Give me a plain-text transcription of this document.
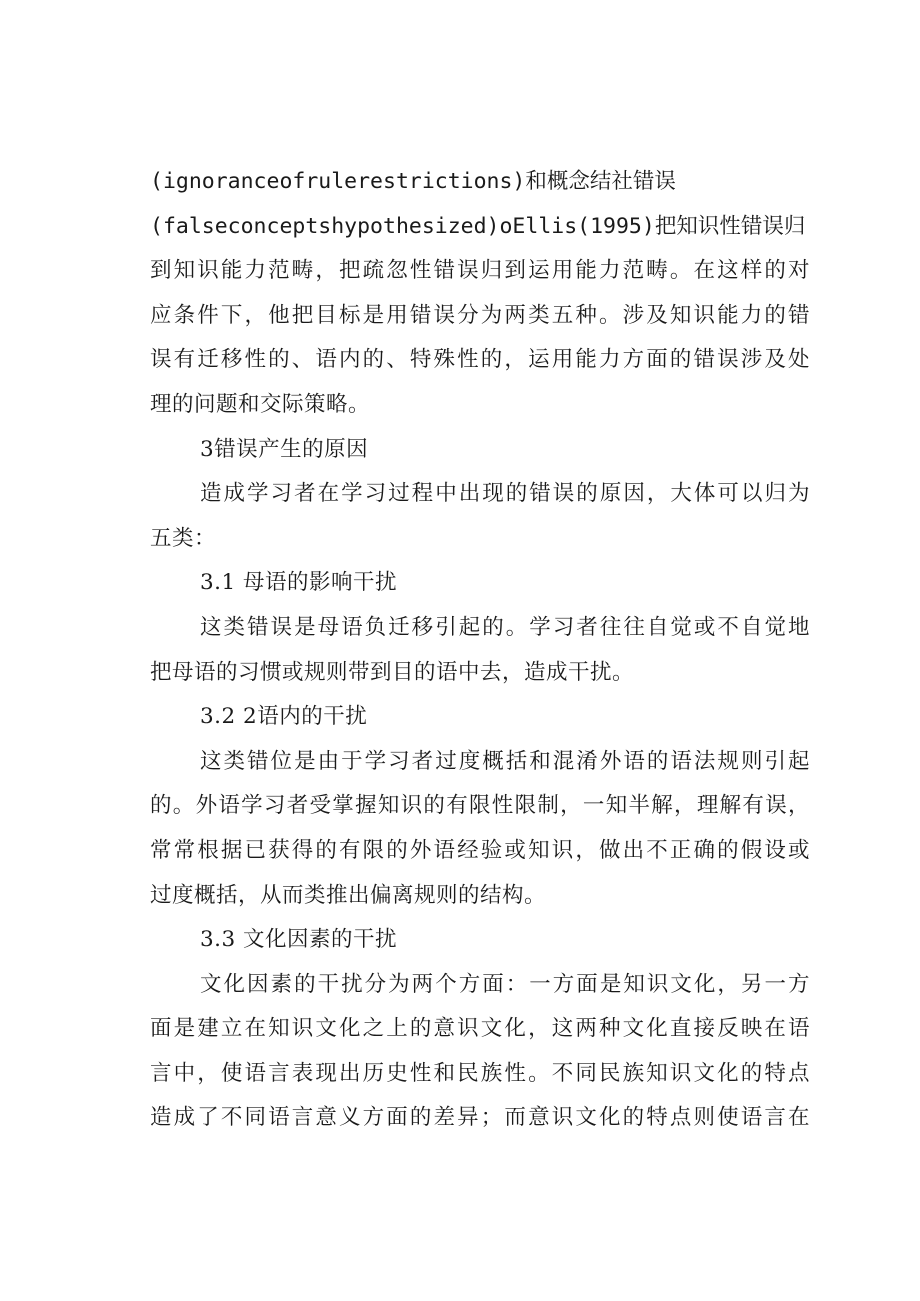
(ignoranceofrulerestrictions)和概念结社错误
(falseconceptshypothesized)oEllis(1995)把知识性错误归
到知识能力范畴，把疏忽性错误归到运用能力范畴。在这样的对
应条件下，他把目标是用错误分为两类五种。涉及知识能力的错
误有迁移性的、语内的、特殊性的，运用能力方面的错误涉及处
理的问题和交际策略。
3错误产生的原因
造成学习者在学习过程中出现的错误的原因，大体可以归为
五类：
3.1 母语的影响干扰
这类错误是母语负迁移引起的。学习者往往自觉或不自觉地
把母语的习惯或规则带到目的语中去，造成干扰。
3.2 2语内的干扰
这类错位是由于学习者过度概括和混淆外语的语法规则引起
的。外语学习者受掌握知识的有限性限制，一知半解，理解有误，
常常根据已获得的有限的外语经验或知识，做出不正确的假设或
过度概括，从而类推出偏离规则的结构。
3.3 文化因素的干扰
文化因素的干扰分为两个方面：一方面是知识文化，另一方
面是建立在知识文化之上的意识文化，这两种文化直接反映在语
言中，使语言表现出历史性和民族性。不同民族知识文化的特点
造成了不同语言意义方面的差异；而意识文化的特点则使语言在
